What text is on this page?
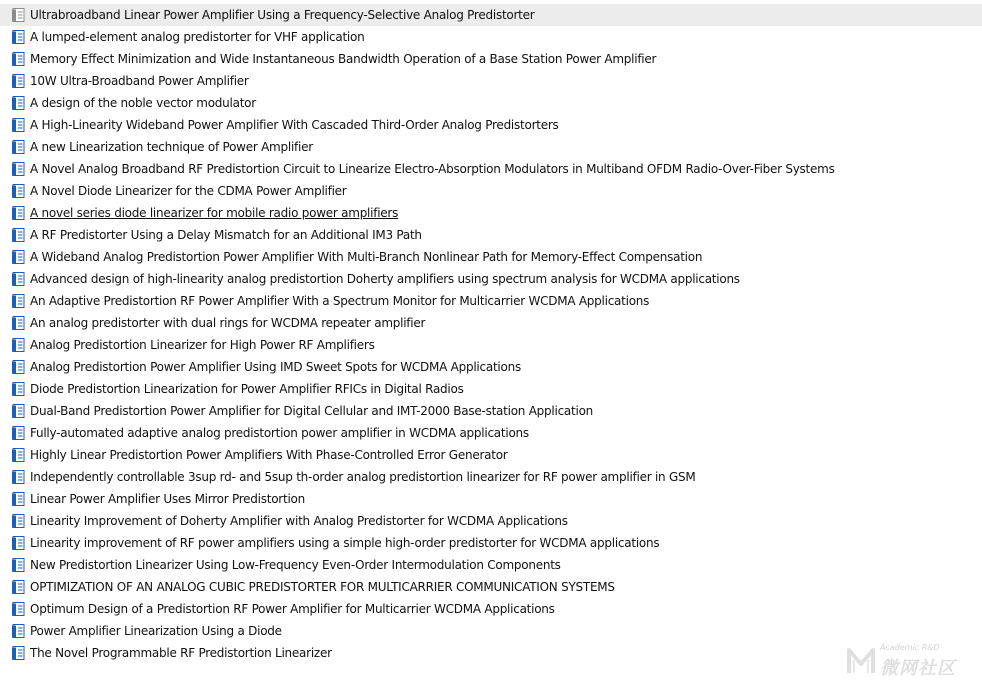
Ultrabroadband Linear Power Amplifier Using a Frequency-Selective Analog Predistorter
A lumped-element analog predistorter for VHF application
Memory Effect Minimization and Wide Instantaneous Bandwidth Operation of a Base Station Power Amplifier
10W Ultra-Broadband Power Amplifier
A design of the noble vector modulator
A High-Linearity Wideband Power Amplifier With Cascaded Third-Order Analog Predistorters
A new Linearization technique of Power Amplifier
A Novel Analog Broadband RF Predistortion Circuit to Linearize Electro-Absorption Modulators in Multiband OFDM Radio-Over-Fiber Systems
A Novel Diode Linearizer for the CDMA Power Amplifier
A novel series diode linearizer for mobile radio power amplifiers
A RF Predistorter Using a Delay Mismatch for an Additional IM3 Path
A Wideband Analog Predistortion Power Amplifier With Multi-Branch Nonlinear Path for Memory-Effect Compensation
Advanced design of high-linearity analog predistortion Doherty amplifiers using spectrum analysis for WCDMA applications
An Adaptive Predistortion RF Power Amplifier With a Spectrum Monitor for Multicarrier WCDMA Applications
An analog predistorter with dual rings for WCDMA repeater amplifier
Analog Predistortion Linearizer for High Power RF Amplifiers
Analog Predistortion Power Amplifier Using IMD Sweet Spots for WCDMA Applications
Diode Predistortion Linearization for Power Amplifier RFICs in Digital Radios
Dual-Band Predistortion Power Amplifier for Digital Cellular and IMT-2000 Base-station Application
Fully-automated adaptive analog predistortion power amplifier in WCDMA applications
Highly Linear Predistortion Power Amplifiers With Phase-Controlled Error Generator
Independently controllable 3sup rd- and 5sup th-order analog predistortion linearizer for RF power amplifier in GSM
Linear Power Amplifier Uses Mirror Predistortion
Linearity Improvement of Doherty Amplifier with Analog Predistorter for WCDMA Applications
Linearity improvement of RF power amplifiers using a simple high-order predistorter for WCDMA applications
New Predistortion Linearizer Using Low-Frequency Even-Order Intermodulation Components
OPTIMIZATION OF AN ANALOG CUBIC PREDISTORTER FOR MULTICARRIER COMMUNICATION SYSTEMS
Optimum Design of a Predistortion RF Power Amplifier for Multicarrier WCDMA Applications
Power Amplifier Linearization Using a Diode
The Novel Programmable RF Predistortion Linearizer	Academic R&D
微网社区
